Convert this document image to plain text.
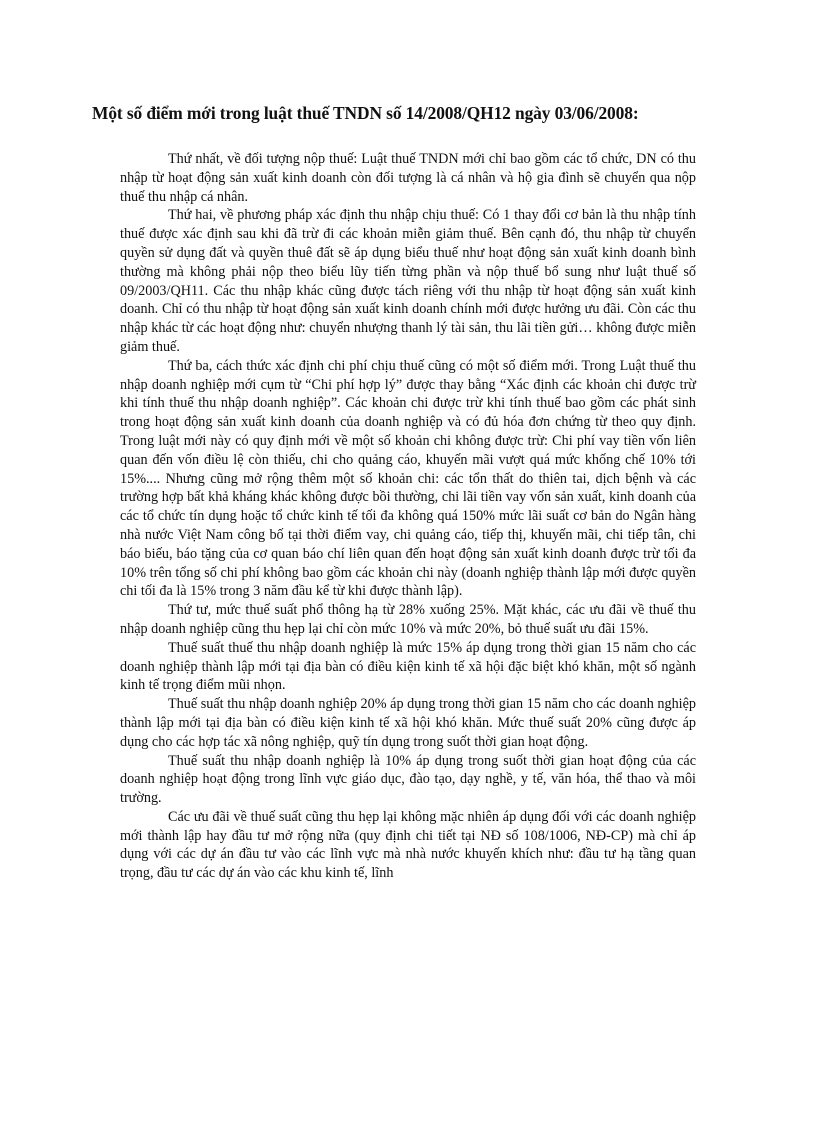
Một số điểm mới trong luật thuế TNDN số 14/2008/QH12 ngày 03/06/2008:

Thứ nhất, về đối tượng nộp thuế: Luật thuế TNDN mới chỉ bao gồm các tổ chức, DN có thu nhập từ hoạt động sản xuất kinh doanh còn đối tượng là cá nhân và hộ gia đình sẽ chuyển qua nộp thuế thu nhập cá nhân.

Thứ hai, về phương pháp xác định thu nhập chịu thuế: Có 1 thay đổi cơ bản là thu nhập tính thuế được xác định sau khi đã trừ đi các khoản miễn giảm thuế. Bên cạnh đó, thu nhập từ chuyển quyền sử dụng đất và quyền thuê đất sẽ áp dụng biểu thuế như hoạt động sản xuất kinh doanh bình thường mà không phải nộp theo biểu lũy tiến từng phần và nộp thuế bổ sung như luật thuế số 09/2003/QH11. Các thu nhập khác cũng được tách riêng với thu nhập từ hoạt động sản xuất kinh doanh. Chỉ có thu nhập từ hoạt động sản xuất kinh doanh chính mới được hưởng ưu đãi. Còn các thu nhập khác từ các hoạt động như: chuyển nhượng thanh lý tài sản, thu lãi tiền gửi… không được miễn giảm thuế.

Thứ ba, cách thức xác định chi phí chịu thuế cũng có một số điểm mới. Trong Luật thuế thu nhập doanh nghiệp mới cụm từ “Chi phí hợp lý” được thay bằng “Xác định các khoản chi được trừ khi tính thuế thu nhập doanh nghiệp”. Các khoản chi được trừ khi tính thuế bao gồm các phát sinh trong hoạt động sản xuất kinh doanh của doanh nghiệp và có đủ hóa đơn chứng từ theo quy định. Trong luật mới này có quy định mới về một số khoản chi không được trừ: Chi phí vay tiền vốn liên quan đến vốn điều lệ còn thiếu, chi cho quảng cáo, khuyến mãi vượt quá mức khống chế 10% tới 15%.... Nhưng cũng mở rộng thêm một số khoản chi: các tổn thất do thiên tai, dịch bệnh và các trường hợp bất khả kháng khác không được bồi thường, chi lãi tiền vay vốn sản xuất, kinh doanh của các tổ chức tín dụng hoặc tổ chức kinh tế tối đa không quá 150% mức lãi suất cơ bản do Ngân hàng nhà nước Việt Nam công bố tại thời điểm vay, chi quảng cáo, tiếp thị, khuyến mãi, chi tiếp tân, chi báo biếu, báo tặng của cơ quan báo chí liên quan đến hoạt động sản xuất kinh doanh được trừ tối đa 10% trên tổng số chi phí không bao gồm các khoản chi này (doanh nghiệp thành lập mới được quyền chi tối đa là 15% trong 3 năm đầu kể từ khi được thành lập).

Thứ tư, mức thuế suất phổ thông hạ từ 28% xuống 25%. Mặt khác, các ưu đãi về thuế thu nhập doanh nghiệp cũng thu hẹp lại chỉ còn mức 10% và mức 20%, bỏ thuế suất ưu đãi 15%.

Thuế suất thuế thu nhập doanh nghiệp là mức 15% áp dụng trong thời gian 15 năm cho các doanh nghiệp thành lập mới tại địa bàn có điều kiện kinh tế xã hội đặc biệt khó khăn, một số ngành kinh tế trọng điểm mũi nhọn.

Thuế suất thu nhập doanh nghiệp 20% áp dụng trong thời gian 15 năm cho các doanh nghiệp thành lập mới tại địa bàn có điều kiện kinh tế xã hội khó khăn. Mức thuế suất 20% cũng được áp dụng cho các hợp tác xã nông nghiệp, quỹ tín dụng trong suốt thời gian hoạt động.

Thuế suất thu nhập doanh nghiệp là 10% áp dụng trong suốt thời gian hoạt động của các doanh nghiệp hoạt động trong lĩnh vực giáo dục, đào tạo, dạy nghề, y tế, văn hóa, thể thao và môi trường.

Các ưu đãi về thuế suất cũng thu hẹp lại không mặc nhiên áp dụng đối với các doanh nghiệp mới thành lập hay đầu tư mở rộng nữa (quy định chi tiết tại NĐ số 108/1006, NĐ-CP) mà chỉ áp dụng với các dự án đầu tư vào các lĩnh vực mà nhà nước khuyến khích như: đầu tư hạ tầng quan trọng, đầu tư các dự án vào các khu kinh tế, lĩnh
